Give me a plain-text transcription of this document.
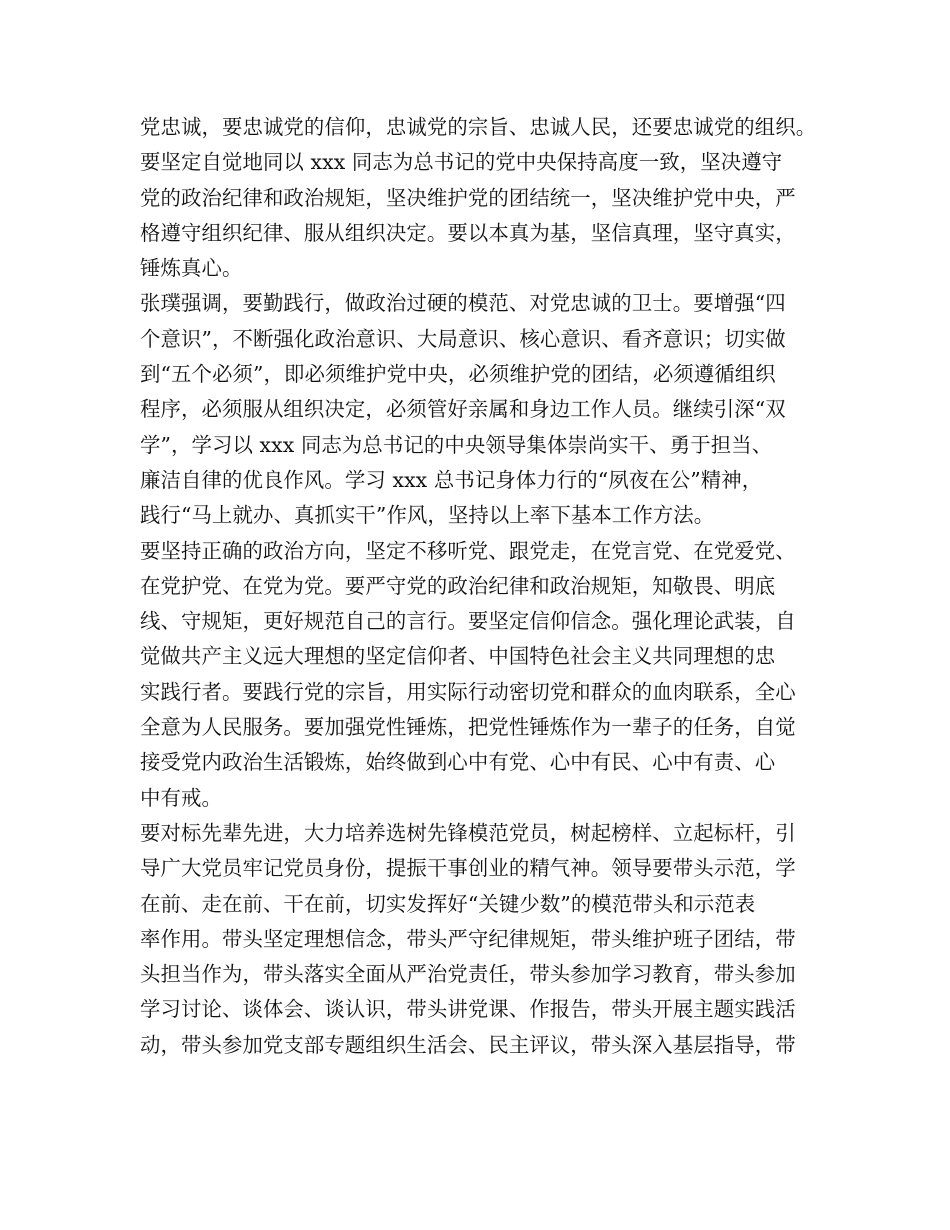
党忠诚，要忠诚党的信仰，忠诚党的宗旨、忠诚人民，还要忠诚党的组织。
要坚定自觉地同以 xxx 同志为总书记的党中央保持高度一致，坚决遵守
党的政治纪律和政治规矩，坚决维护党的团结统一，坚决维护党中央，严
格遵守组织纪律、服从组织决定。要以本真为基，坚信真理，坚守真实，
锤炼真心。

张璞强调，要勤践行，做政治过硬的模范、对党忠诚的卫士。要增强“四
个意识”，不断强化政治意识、大局意识、核心意识、看齐意识；切实做
到“五个必须”，即必须维护党中央，必须维护党的团结，必须遵循组织
程序，必须服从组织决定，必须管好亲属和身边工作人员。继续引深“双
学”，学习以 xxx 同志为总书记的中央领导集体崇尚实干、勇于担当、
廉洁自律的优良作风。学习 xxx 总书记身体力行的“夙夜在公”精神，
践行“马上就办、真抓实干”作风，坚持以上率下基本工作方法。

要坚持正确的政治方向，坚定不移听党、跟党走，在党言党、在党爱党、
在党护党、在党为党。要严守党的政治纪律和政治规矩，知敬畏、明底
线、守规矩，更好规范自己的言行。要坚定信仰信念。强化理论武装，自
觉做共产主义远大理想的坚定信仰者、中国特色社会主义共同理想的忠
实践行者。要践行党的宗旨，用实际行动密切党和群众的血肉联系，全心
全意为人民服务。要加强党性锤炼，把党性锤炼作为一辈子的任务，自觉
接受党内政治生活锻炼，始终做到心中有党、心中有民、心中有责、心
中有戒。

要对标先辈先进，大力培养选树先锋模范党员，树起榜样、立起标杆，引
导广大党员牢记党员身份，提振干事创业的精气神。领导要带头示范，学
在前、走在前、干在前，切实发挥好“关键少数”的模范带头和示范表
率作用。带头坚定理想信念，带头严守纪律规矩，带头维护班子团结，带
头担当作为，带头落实全面从严治党责任，带头参加学习教育，带头参加
学习讨论、谈体会、谈认识，带头讲党课、作报告，带头开展主题实践活
动，带头参加党支部专题组织生活会、民主评议，带头深入基层指导，带
